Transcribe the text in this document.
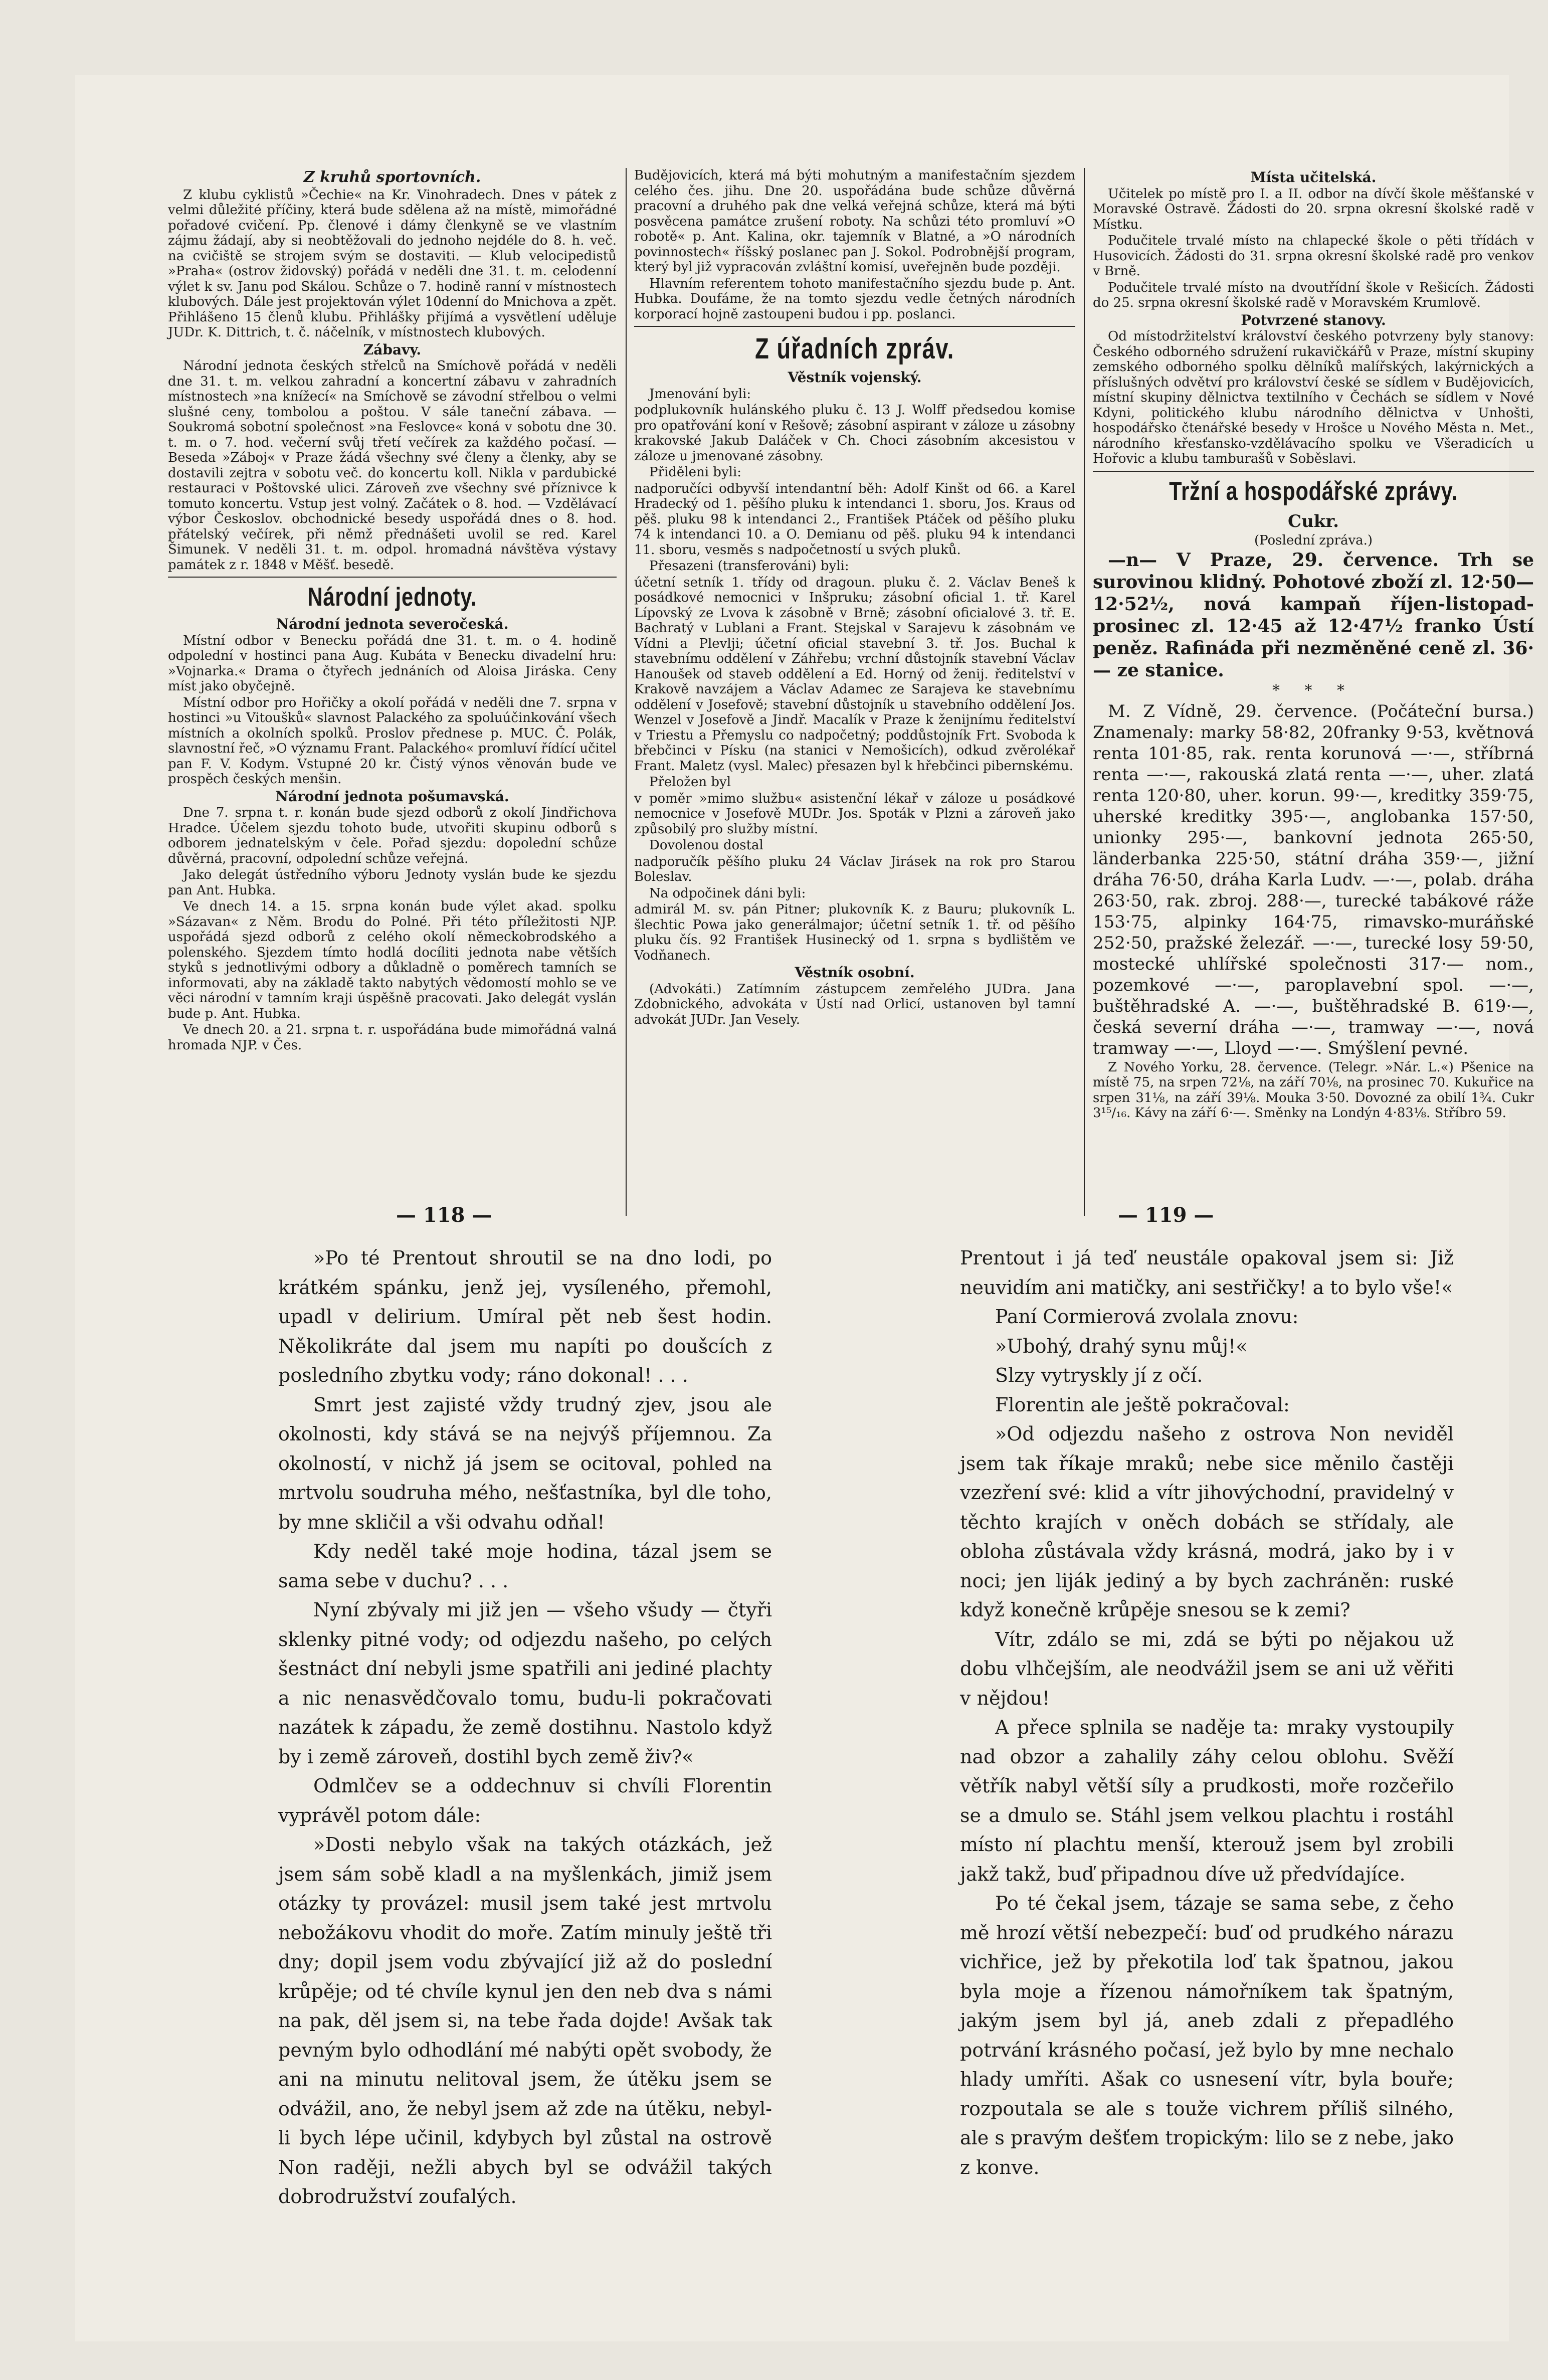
Z kruhů sportovních.

Z klubu cyklistů »Čechie« na Kr. Vinohradech. Dnes v pátek z velmi důležité příčiny, která bude sdělena až na místě, mimořádné pořadové cvičení. Pp. členové i dámy členkyně se ve vlastním zájmu žádají, aby si neobtěžovali do jednoho nejdéle do 8. h. več. na cvičiště se strojem svým se dostaviti. — Klub velocipedistů »Praha« (ostrov židovský) pořádá v neděli dne 31. t. m. celodenní výlet k sv. Janu pod Skálou. Schůze o 7. hodině ranní v místnostech klubových. Dále jest projektován výlet 10denní do Mnichova a zpět. Přihlášeno 15 členů klubu. Přihlášky přijímá a vysvětlení uděluje JUDr. K. Dittrich, t. č. náčelník, v místnostech klubových.

Zábavy.

Národní jednota českých střelců na Smíchově pořádá v neděli dne 31. t. m. velkou zahradní a koncertní zábavu v zahradních místnostech »na knížecí« na Smíchově se závodní střelbou o velmi slušné ceny, tombolou a poštou. V sále taneční zábava. — Soukromá sobotní společnost »na Feslovce« koná v sobotu dne 30. t. m. o 7. hod. večerní svůj třetí večírek za každého počasí. — Beseda »Záboj« v Praze žádá všechny své členy a členky, aby se dostavili zejtra v sobotu več. do koncertu koll. Nikla v pardubické restauraci v Poštovské ulici. Zároveň zve všechny své příznivce k tomuto koncertu. Vstup jest volný. Začátek o 8. hod. — Vzdělávací výbor Českoslov. obchodnické besedy uspořádá dnes o 8. hod. přátelský večírek, při němž přednášeti uvolil se red. Karel Šimunek. V neděli 31. t. m. odpol. hromadná návštěva výstavy památek z r. 1848 v Měšť. besedě.

Národní jednoty.
Národní jednota severočeská.

Místní odbor v Benecku pořádá dne 31. t. m. o 4. hodině odpolední v hostinci pana Aug. Kubáta v Benecku divadelní hru: »Vojnarka.« Drama o čtyřech jednáních od Aloisa Jiráska. Ceny míst jako obyčejně.

Místní odbor pro Hořičky a okolí pořádá v neděli dne 7. srpna v hostinci »u Vitoušků« slavnost Palackého za spoluúčinkování všech místních a okolních spolků. Proslov přednese p. MUC. Č. Polák, slavnostní řeč, »O významu Frant. Palackého« promluví řídící učitel pan F. V. Kodym. Vstupné 20 kr. Čistý výnos věnován bude ve prospěch českých menšin.

Národní jednota pošumavská.

Dne 7. srpna t. r. konán bude sjezd odborů z okolí Jindřichova Hradce. Účelem sjezdu tohoto bude, utvořiti skupinu odborů s odborem jednatelským v čele. Pořad sjezdu: dopolední schůze důvěrná, pracovní, odpolední schůze veřejná.

Jako delegát ústředního výboru Jednoty vyslán bude ke sjezdu pan Ant. Hubka.

Ve dnech 14. a 15. srpna konán bude výlet akad. spolku »Sázavan« z Něm. Brodu do Polné. Při této příležitosti NJP. uspořádá sjezd odborů z celého okolí německobrodského a polenského. Sjezdem tímto hodlá docíliti jednota nabe větších styků s jednotlivými odbory a důkladně o poměrech tamních se informovati, aby na základě takto nabytých vědomostí mohlo se ve věci národní v tamním kraji úspěšně pracovati. Jako delegát vyslán bude p. Ant. Hubka.

Ve dnech 20. a 21. srpna t. r. uspořádána bude mimořádná valná hromada NJP. v Čes.

Budějovicích, která má býti mohutným a manifestačním sjezdem celého čes. jihu. Dne 20. uspořádána bude schůze důvěrná pracovní a druhého pak dne velká veřejná schůze, která má býti posvěcena památce zrušení roboty. Na schůzi této promluví »O robotě« p. Ant. Kalina, okr. tajemník v Blatné, a »O národních povinnostech« říšský poslanec pan J. Sokol. Podrobnější program, který byl již vypracován zvláštní komisí, uveřejněn bude později.

Hlavním referentem tohoto manifestačního sjezdu bude p. Ant. Hubka. Doufáme, že na tomto sjezdu vedle četných národních korporací hojně zastoupeni budou i pp. poslanci.

Z úřadních zpráv.
Věstník vojenský.

Jmenování byli:

podplukovník hulánského pluku č. 13 J. Wolff předsedou komise pro opatřování koní v Rešově; zásobní aspirant v záloze u zásobny krakovské Jakub Daláček v Ch. Choci zásobním akcesistou v záloze u jmenované zásobny.

Přiděleni byli:

nadporučíci odbyvší intendantní běh: Adolf Kinšt od 66. a Karel Hradecký od 1. pěšího pluku k intendanci 1. sboru, Jos. Kraus od pěš. pluku 98 k intendanci 2., František Ptáček od pěšího pluku 74 k intendanci 10. a O. Demianu od pěš. pluku 94 k intendanci 11. sboru, vesměs s nadpočetností u svých pluků.

Přesazeni (transferováni) byli:

účetní setník 1. třídy od dragoun. pluku č. 2. Václav Beneš k posádkové nemocnici v Inšpruku; zásobní oficial 1. tř. Karel Lípovský ze Lvova k zásobně v Brně; zásobní oficialové 3. tř. E. Bachratý v Lublani a Frant. Stejskal v Sarajevu k zásobnám ve Vídni a Plevlji; účetní oficial stavební 3. tř. Jos. Buchal k stavebnímu oddělení v Záhřebu; vrchní důstojník stavební Václav Hanoušek od staveb oddělení a Ed. Horný od ženij. ředitelství v Krakově navzájem a Václav Adamec ze Sarajeva ke stavebnímu oddělení v Josefově; stavební důstojník u stavebního oddělení Jos. Wenzel v Josefově a Jindř. Macalík v Praze k ženijnímu ředitelství v Triestu a Přemyslu co nadpočetný; poddůstojník Frt. Svoboda k břebčinci v Písku (na stanici v Nemošicích), odkud zvěrolékař Frant. Maletz (vysl. Malec) přesazen byl k hřebčinci pibernskému.

Přeložen byl

v poměr »mimo službu« asistenční lékař v záloze u posádkové nemocnice v Josefově MUDr. Jos. Spoták v Plzni a zároveň jako způsobilý pro služby místní.

Dovolenou dostal

nadporučík pěšího pluku 24 Václav Jirásek na rok pro Starou Boleslav.

Na odpočinek dáni byli:

admirál M. sv. pán Pitner; plukovník K. z Bauru; plukovník L. šlechtic Powa jako generálmajor; účetní setník 1. tř. od pěšího pluku čís. 92 František Husinecký od 1. srpna s bydlištěm ve Vodňanech.

Věstník osobní.

(Advokáti.) Zatímním zástupcem zemřelého JUDra. Jana Zdobnického, advokáta v Ústí nad Orlicí, ustanoven byl tamní advokát JUDr. Jan Vesely.

Místa učitelská.

Učitelek po místě pro I. a II. odbor na dívčí škole měšťanské v Moravské Ostravě. Žádosti do 20. srpna okresní školské radě v Místku.

Podučitele trvalé místo na chlapecké škole o pěti třídách v Husovicích. Žádosti do 31. srpna okresní školské radě pro venkov v Brně.

Podučitele trvalé místo na dvoutřídní škole v Rešicích. Žádosti do 25. srpna okresní školské radě v Moravském Krumlově.

Potvrzené stanovy.

Od místodržitelství království českého potvrzeny byly stanovy: Českého odborného sdružení rukavičkářů v Praze, místní skupiny zemského odborného spolku dělníků malířských, lakýrnických a příslušných odvětví pro království české se sídlem v Budějovicích, místní skupiny dělnictva textilního v Čechách se sídlem v Nové Kdyni, politického klubu národního dělnictva v Unhošti, hospodářsko čtenářské besedy v Hrošce u Nového Města n. Met., národního křesťansko-vzdělávacího spolku ve Všeradicích u Hořovic a klubu tamburašů v Soběslavi.

Tržní a hospodářské zprávy.
Cukr.

(Poslední zpráva.)

—n— V Praze, 29. července. Trh se surovinou klidný. Pohotové zboží zl. 12·50—12·52½, nová kampaň říjen-listopad-prosinec zl. 12·45 až 12·47½ franko Ústí peněz. Rafináda při nezměněné ceně zl. 36·— ze stanice.

* * *

M. Z Vídně, 29. července. (Počáteční bursa.) Znamenaly: marky 58·82, 20franky 9·53, květnová renta 101·85, rak. renta korunová —·—, stříbrná renta —·—, rakouská zlatá renta —·—, uher. zlatá renta 120·80, uher. korun. 99·—, kreditky 359·75, uherské kreditky 395·—, anglobanka 157·50, unionky 295·—, bankovní jednota 265·50, länderbanka 225·50, státní dráha 359·—, jižní dráha 76·50, dráha Karla Ludv. —·—, polab. dráha 263·50, rak. zbroj. 288·—, turecké tabákové ráže 153·75, alpinky 164·75, rimavsko-muráňské 252·50, pražské železář. —·—, turecké losy 59·50, mostecké uhlířské společnosti 317·— nom., pozemkové —·—, paroplavební spol. —·—, buštěhradské A. —·—, buštěhradské B. 619·—, česká severní dráha —·—, tramway —·—, nová tramway —·—, Lloyd —·—. Smýšlení pevné.

Z Nového Yorku, 28. července. (Telegr. »Nár. L.«) Pšenice na místě 75, na srpen 72⅛, na září 70⅛, na prosinec 70. Kukuřice na srpen 31⅛, na září 39⅛. Mouka 3·50. Dovozné za obilí 1¾. Cukr 3¹⁵/₁₆. Kávy na září 6·—. Směnky na Londýn 4·83⅛. Stříbro 59.

— 118 —	— 119 —

»Po té Prentout shroutil se na dno lodi, po krátkém spánku, jenž jej, vysíleného, přemohl, upadl v delirium. Umíral pět neb šest hodin. Několikráte dal jsem mu napíti po doušcích z posledního zbytku vody; ráno dokonal! . . .

Smrt jest zajisté vždy trudný zjev, jsou ale okolnosti, kdy stává se na nejvýš příjemnou. Za okolností, v nichž já jsem se ocitoval, pohled na mrtvolu soudruha mého, nešťastníka, byl dle toho, by mne skličil a vši odvahu odňal!

Kdy neděl také moje hodina, tázal jsem se sama sebe v duchu? . . .

Nyní zbývaly mi již jen — všeho všudy — čtyři sklenky pitné vody; od odjezdu našeho, po celých šestnáct dní nebyli jsme spatřili ani jediné plachty a nic nenasvědčovalo tomu, budu-li pokračovati nazátek k západu, že země dostihnu. Nastolo když by i země zároveň, dostihl bych země živ?«

Odmlčev se a oddechnuv si chvíli Florentin vyprávěl potom dále:

»Dosti nebylo však na takých otázkách, jež jsem sám sobě kladl a na myšlenkách, jimiž jsem otázky ty provázel: musil jsem také jest mrtvolu nebožákovu vhodit do moře. Zatím minuly ještě tři dny; dopil jsem vodu zbývající již až do poslední krůpěje; od té chvíle kynul jen den neb dva s námi na pak, děl jsem si, na tebe řada dojde! Avšak tak pevným bylo odhodlání mé nabýti opět svobody, že ani na minutu nelitoval jsem, že útěku jsem se odvážil, ano, že nebyl jsem až zde na útěku, nebyl-li bych lépe učinil, kdybych byl zůstal na ostrově Non raději, nežli abych byl se odvážil takých dobrodružství zoufalých.

Prentout i já teď neustále opakoval jsem si: Již neuvidím ani matičky, ani sestřičky! a to bylo vše!«

Paní Cormierová zvolala znovu:

»Ubohý, drahý synu můj!«

Slzy vytryskly jí z očí.

Florentin ale ještě pokračoval:

»Od odjezdu našeho z ostrova Non neviděl jsem tak říkaje mraků; nebe sice měnilo častěji vzezření své: klid a vítr jihovýchodní, pravidelný v těchto krajích v oněch dobách se střídaly, ale obloha zůstávala vždy krásná, modrá, jako by i v noci; jen liják jediný a by bych zachráněn: ruské když konečně krůpěje snesou se k zemi?

Vítr, zdálo se mi, zdá se býti po nějakou už dobu vlhčejším, ale neodvážil jsem se ani už věřiti v nějdou!

A přece splnila se naděje ta: mraky vystoupily nad obzor a zahalily záhy celou oblohu. Svěží větřík nabyl větší síly a prudkosti, moře rozčeřilo se a dmulo se. Stáhl jsem velkou plachtu i rostáhl místo ní plachtu menší, kterouž jsem byl zrobili jakž takž, buď připadnou díve už předvídajíce.

Po té čekal jsem, tázaje se sama sebe, z čeho mě hrozí větší nebezpečí: buď od prudkého nárazu vichřice, jež by překotila loď tak špatnou, jakou byla moje a řízenou námořníkem tak špatným, jakým jsem byl já, aneb zdali z přepadlého potrvání krásného počasí, jež bylo by mne nechalo hlady umříti. Ašak co usnesení vítr, byla bouře; rozpoutala se ale s touže vichrem příliš silného, ale s pravým dešťem tropickým: lilo se z nebe, jako z konve.
